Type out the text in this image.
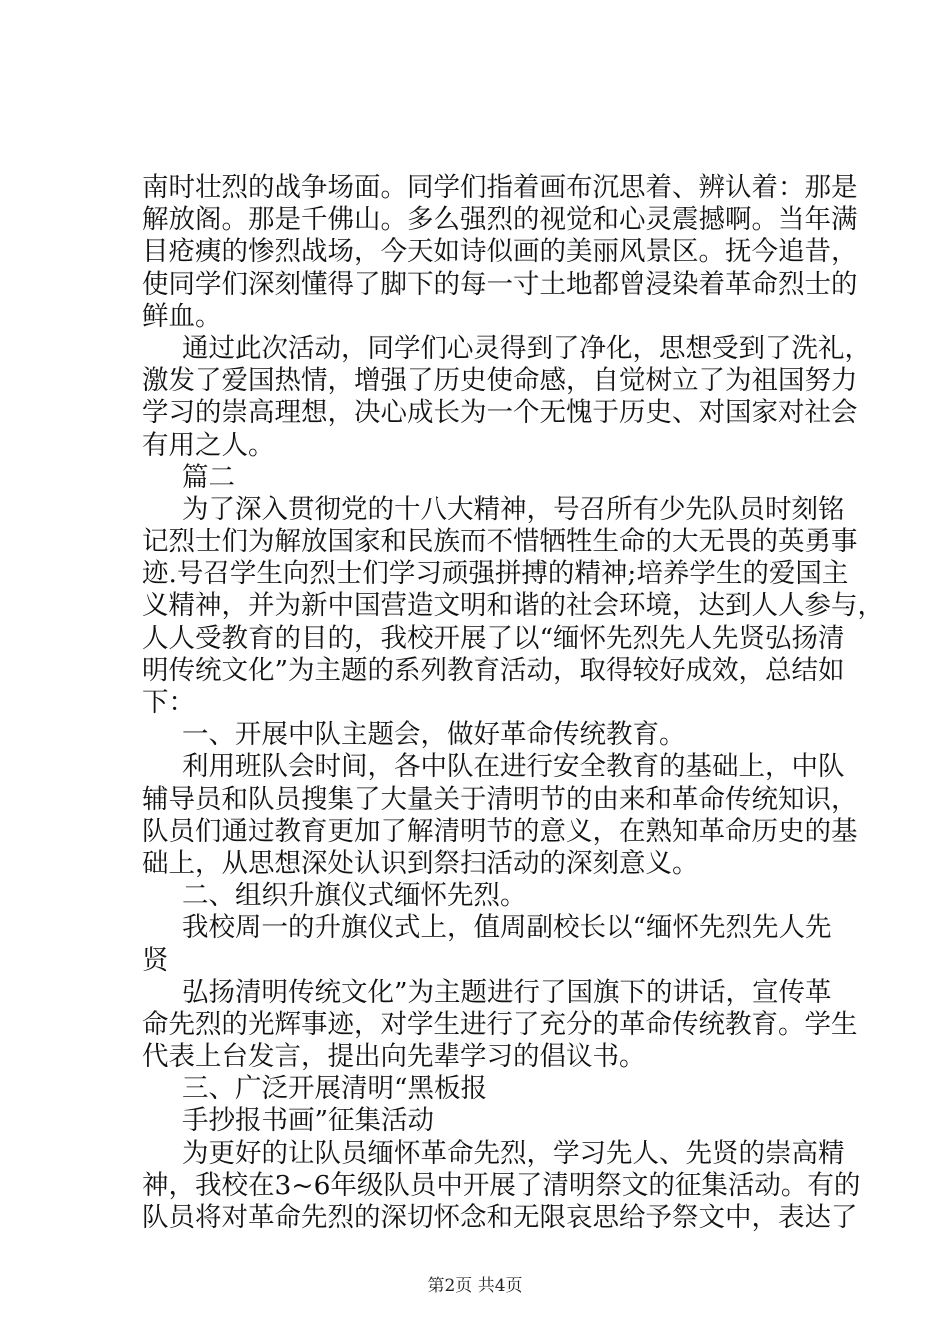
南时壮烈的战争场面。同学们指着画布沉思着、辨认着：那是
解放阁。那是千佛山。多么强烈的视觉和心灵震撼啊。当年满
目疮痍的惨烈战场，今天如诗似画的美丽风景区。抚今追昔，
使同学们深刻懂得了脚下的每一寸土地都曾浸染着革命烈士的
鲜血。
通过此次活动，同学们心灵得到了净化，思想受到了洗礼，
激发了爱国热情，增强了历史使命感，自觉树立了为祖国努力
学习的崇高理想，决心成长为一个无愧于历史、对国家对社会
有用之人。
篇二
为了深入贯彻党的十八大精神，号召所有少先队员时刻铭
记烈士们为解放国家和民族而不惜牺牲生命的大无畏的英勇事
迹.号召学生向烈士们学习顽强拼搏的精神;培养学生的爱国主
义精神，并为新中国营造文明和谐的社会环境，达到人人参与，
人人受教育的目的，我校开展了以“缅怀先烈先人先贤弘扬清
明传统文化”为主题的系列教育活动，取得较好成效，总结如
下：
一、开展中队主题会，做好革命传统教育。
利用班队会时间，各中队在进行安全教育的基础上，中队
辅导员和队员搜集了大量关于清明节的由来和革命传统知识，
队员们通过教育更加了解清明节的意义，在熟知革命历史的基
础上，从思想深处认识到祭扫活动的深刻意义。
二、组织升旗仪式缅怀先烈。
我校周一的升旗仪式上，值周副校长以“缅怀先烈先人先
贤
弘扬清明传统文化”为主题进行了国旗下的讲话，宣传革
命先烈的光辉事迹，对学生进行了充分的革命传统教育。学生
代表上台发言，提出向先辈学习的倡议书。
三、广泛开展清明“黑板报
手抄报书画”征集活动
为更好的让队员缅怀革命先烈，学习先人、先贤的崇高精
神，我校在3~6年级队员中开展了清明祭文的征集活动。有的
队员将对革命先烈的深切怀念和无限哀思给予祭文中，表达了
第2页 共4页
